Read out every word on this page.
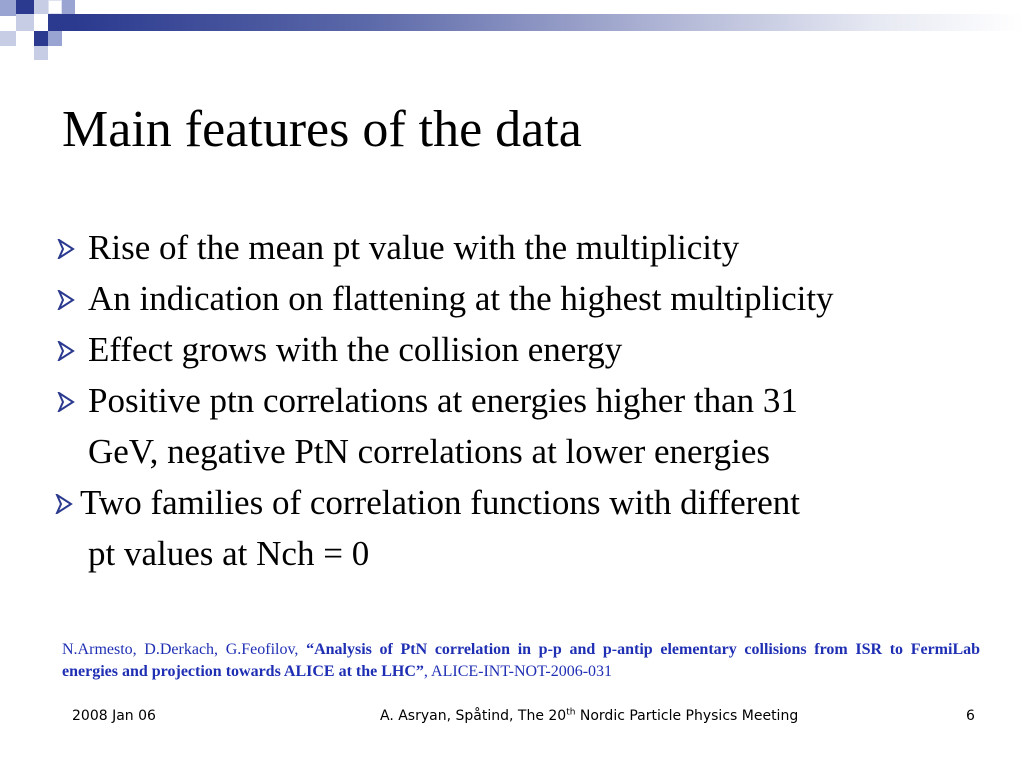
Main features of the data
Rise of the mean pt value with the multiplicity
An indication on flattening at the highest multiplicity
Effect grows with the collision energy
Positive ptn correlations at energies higher than 31
GeV, negative PtN correlations at lower energies
Two families of correlation functions with different
pt values at Nch = 0
N.Armesto, D.Derkach, G.Feofilov, “Analysis of PtN correlation in p-p and p-antip elementary collisions from ISR to FermiLab energies and projection towards ALICE at the LHC”, ALICE-INT-NOT-2006-031
2008 Jan 06	A. Asryan, Spåtind, The 20th Nordic Particle Physics Meeting	6
